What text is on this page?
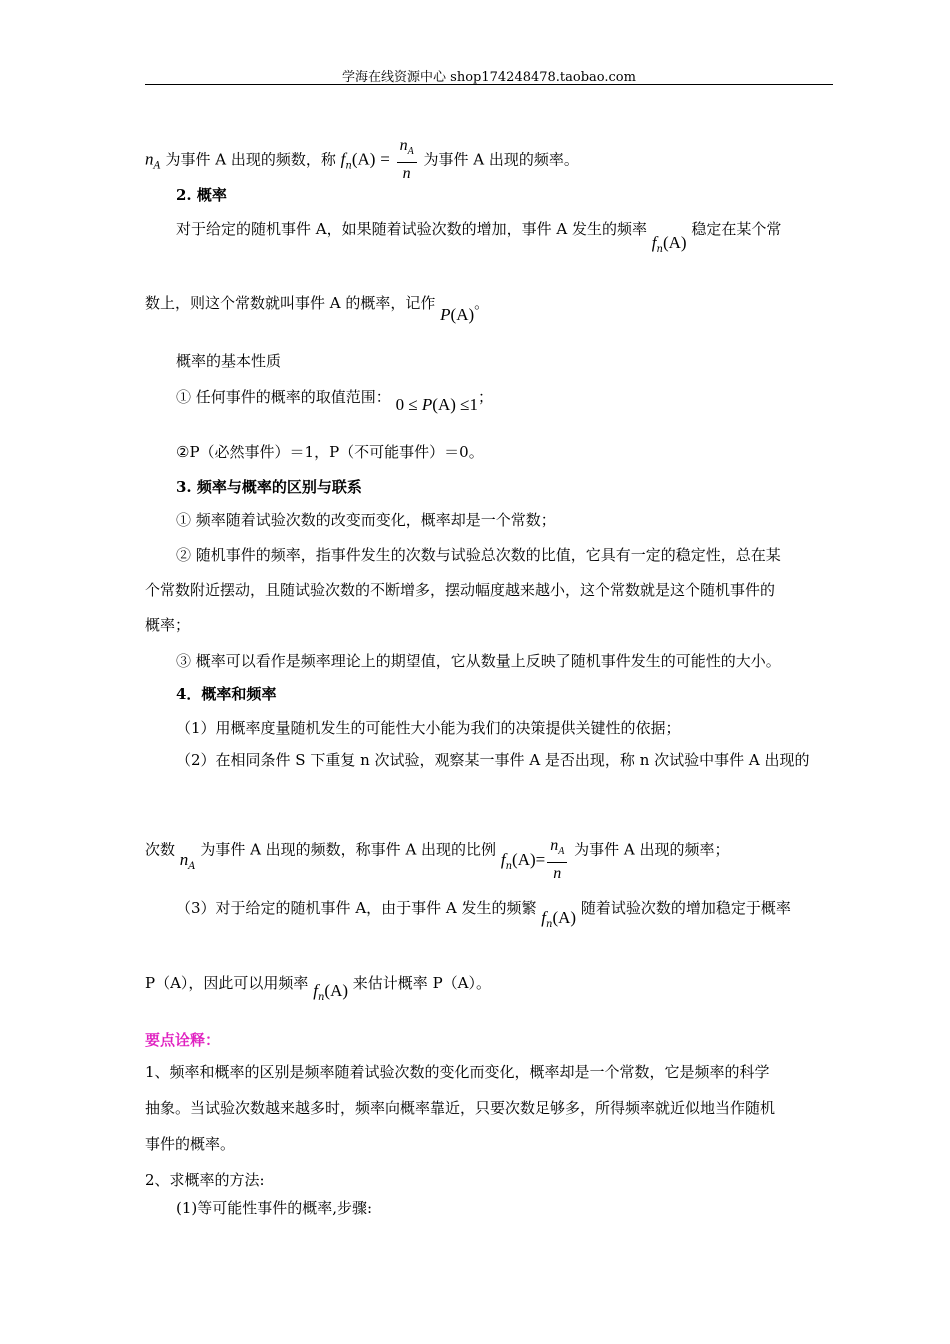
学海在线资源中心 shop174248478.taobao.com
$n_A$ 为事件 A 出现的频数，称 $f_n(A) = \frac{n_A}{n}$ 为事件 A 出现的频率。
2. 概率
对于给定的随机事件 A，如果随着试验次数的增加，事件 A 发生的频率 $f_n(A)$ 稳定在某个常
数上，则这个常数就叫事件 A 的概率，记作 P(A)。
概率的基本性质
① 任何事件的概率的取值范围： 0 ≤ P(A) ≤1；
②P（必然事件）＝1，P（不可能事件）＝0。
3. 频率与概率的区别与联系
① 频率随着试验次数的改变而变化，概率却是一个常数；
② 随机事件的频率，指事件发生的次数与试验总次数的比值，它具有一定的稳定性，总在某
个常数附近摆动，且随试验次数的不断增多，摆动幅度越来越小，这个常数就是这个随机事件的
概率；
③ 概率可以看作是频率理论上的期望值，它从数量上反映了随机事件发生的可能性的大小。
4．概率和频率
（1）用概率度量随机发生的可能性大小能为我们的决策提供关键性的依据；
（2）在相同条件 S 下重复 n 次试验，观察某一事件 A 是否出现，称 n 次试验中事件 A 出现的
次数 $n_A$ 为事件 A 出现的频数，称事件 A 出现的比例 $f_n(A)= \frac{n_A}{n}$ 为事件 A 出现的频率；
（3）对于给定的随机事件 A，由于事件 A 发生的频繁 $f_n(A)$ 随着试验次数的增加稳定于概率
P（A），因此可以用频率 $f_n(A)$ 来估计概率 P（A）。
要点诠释：
1、频率和概率的区别是频率随着试验次数的变化而变化，概率却是一个常数，它是频率的科学
抽象。当试验次数越来越多时，频率向概率靠近，只要次数足够多，所得频率就近似地当作随机
事件的概率。
2、求概率的方法:
(1)等可能性事件的概率,步骤:
